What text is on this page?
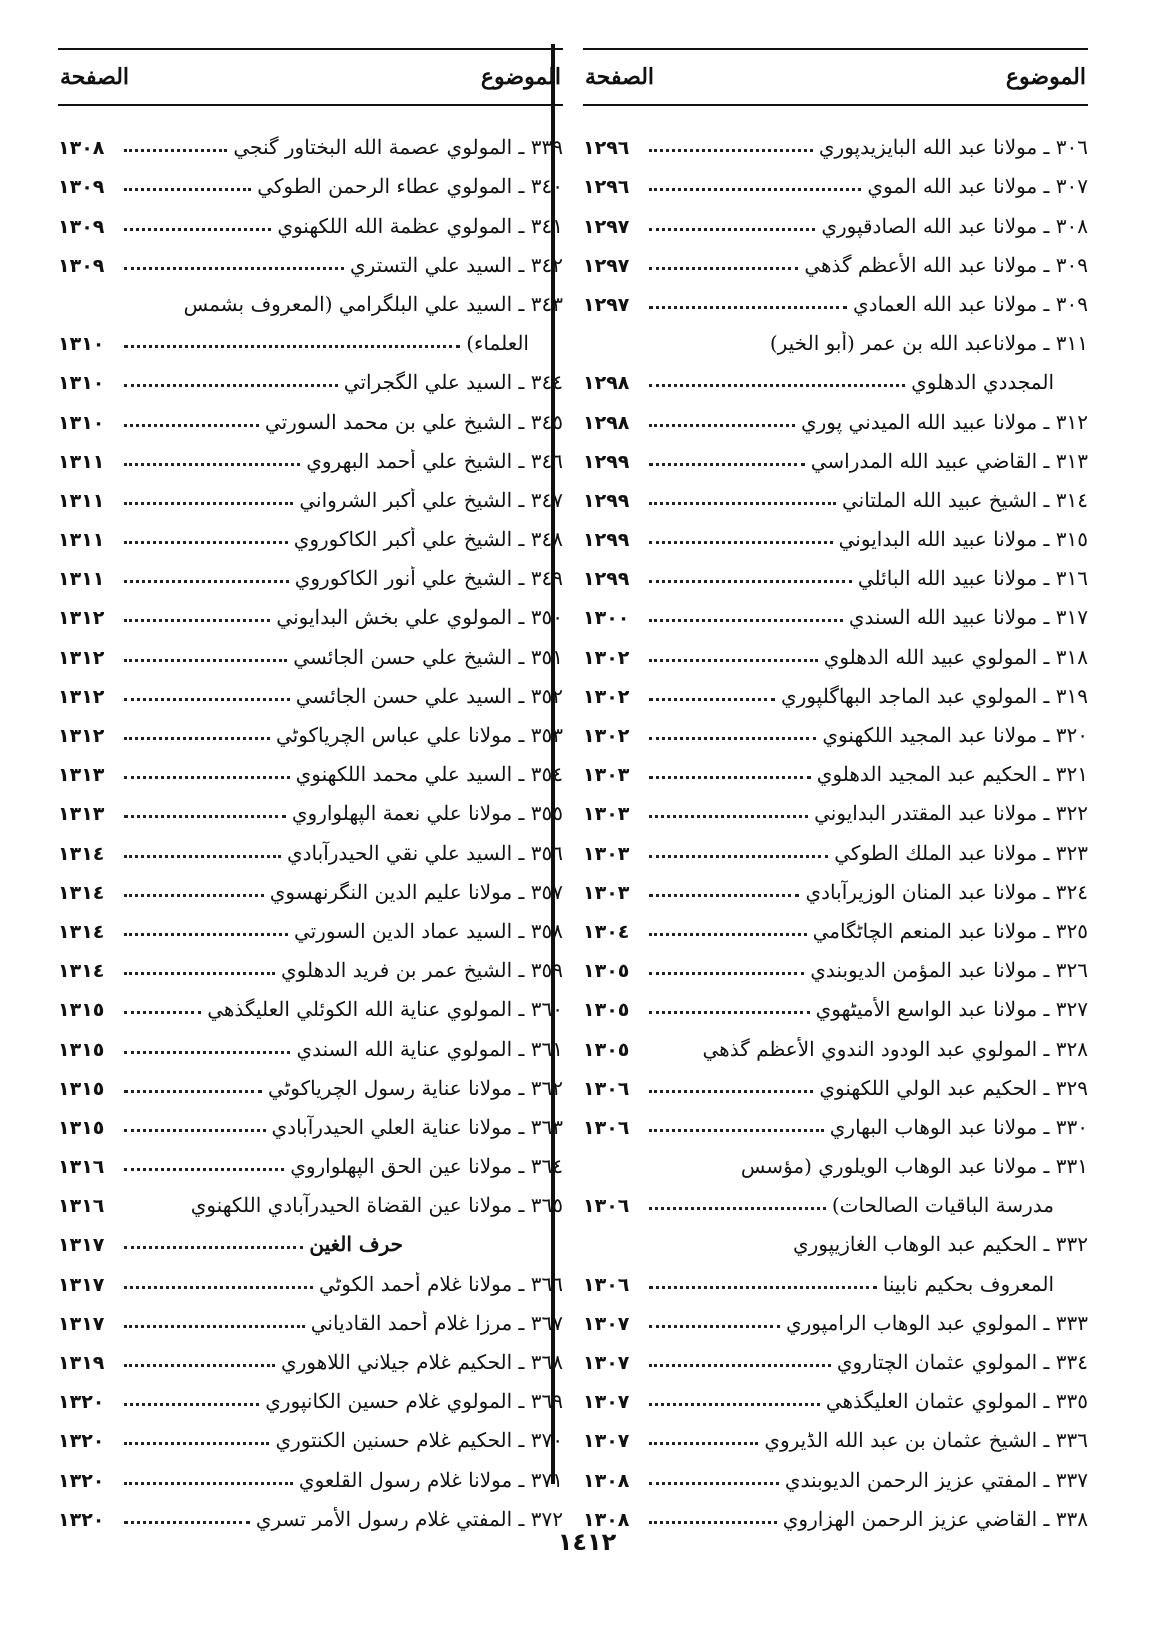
الموضوع
الصفحة
٣٠٦ ـ مولانا عبد الله البايزيدپوري
١٢٩٦
٣٠٧ ـ مولانا عبد الله الموي
١٢٩٦
٣٠٨ ـ مولانا عبد الله الصادقپوري
١٢٩٧
٣٠٩ ـ مولانا عبد الله الأعظم گذهي
١٢٩٧
٣٠٩ ـ مولانا عبد الله العمادي
١٢٩٧
٣١١ ـ مولاناعبد الله بن عمر (أبو الخير)
المجددي الدهلوي
١٢٩٨
٣١٢ ـ مولانا عبيد الله الميدني پوري
١٢٩٨
٣١٣ ـ القاضي عبيد الله المدراسي
١٢٩٩
٣١٤ ـ الشيخ عبيد الله الملتاني
١٢٩٩
٣١٥ ـ مولانا عبيد الله البدايوني
١٢٩٩
٣١٦ ـ مولانا عبيد الله البائلي
١٢٩٩
٣١٧ ـ مولانا عبيد الله السندي
١٣٠٠
٣١٨ ـ المولوي عبيد الله الدهلوي
١٣٠٢
٣١٩ ـ المولوي عبد الماجد البهاگلپوري
١٣٠٢
٣٢٠ ـ مولانا عبد المجيد اللكهنوي
١٣٠٢
٣٢١ ـ الحكيم عبد المجيد الدهلوي
١٣٠٣
٣٢٢ ـ مولانا عبد المقتدر البدايوني
١٣٠٣
٣٢٣ ـ مولانا عبد الملك الطوكي
١٣٠٣
٣٢٤ ـ مولانا عبد المنان الوزيرآبادي
١٣٠٣
٣٢٥ ـ مولانا عبد المنعم الچاٹگامي
١٣٠٤
٣٢٦ ـ مولانا عبد المؤمن الديوبندي
١٣٠٥
٣٢٧ ـ مولانا عبد الواسع الأميٹهوي
١٣٠٥
٣٢٨ ـ المولوي عبد الودود الندوي الأعظم گذهي
١٣٠٥
٣٢٩ ـ الحكيم عبد الولي اللكهنوي
١٣٠٦
٣٣٠ ـ مولانا عبد الوهاب البهاري
١٣٠٦
٣٣١ ـ مولانا عبد الوهاب الويلوري (مؤسس
مدرسة الباقيات الصالحات)
١٣٠٦
٣٣٢ ـ الحكيم عبد الوهاب الغازيپوري
المعروف بحكيم نابينا
١٣٠٦
٣٣٣ ـ المولوي عبد الوهاب الرامپوري
١٣٠٧
٣٣٤ ـ المولوي عثمان الچتاروي
١٣٠٧
٣٣٥ ـ المولوي عثمان العليگذهي
١٣٠٧
٣٣٦ ـ الشيخ عثمان بن عبد الله الڈيروي
١٣٠٧
٣٣٧ ـ المفتي عزيز الرحمن الديوبندي
١٣٠٨
٣٣٨ ـ القاضي عزيز الرحمن الهزاروي
١٣٠٨
الموضوع
الصفحة
٣٣٩ ـ المولوي عصمة الله البختاور گنجي
١٣٠٨
٣٤٠ ـ المولوي عطاء الرحمن الطوكي
١٣٠٩
٣٤١ ـ المولوي عظمة الله اللكهنوي
١٣٠٩
٣٤٢ ـ السيد علي التستري
١٣٠٩
٣٤٣ ـ السيد علي البلگرامي (المعروف بشمس
العلماء)
١٣١٠
٣٤٤ ـ السيد علي الگجراتي
١٣١٠
٣٤٥ ـ الشيخ علي بن محمد السورتي
١٣١٠
٣٤٦ ـ الشيخ علي أحمد البهروي
١٣١١
٣٤٧ ـ الشيخ علي أكبر الشرواني
١٣١١
٣٤٨ ـ الشيخ علي أكبر الكاكوروي
١٣١١
٣٤٩ ـ الشيخ علي أنور الكاكوروي
١٣١١
٣٥٠ ـ المولوي علي بخش البدايوني
١٣١٢
٣٥١ ـ الشيخ علي حسن الجائسي
١٣١٢
٣٥٢ ـ السيد علي حسن الجائسي
١٣١٢
٣٥٣ ـ مولانا علي عباس الچرياكوٹي
١٣١٢
٣٥٤ ـ السيد علي محمد اللكهنوي
١٣١٣
٣٥٥ ـ مولانا علي نعمة الپهلواروي
١٣١٣
٣٥٦ ـ السيد علي نقي الحيدرآبادي
١٣١٤
٣٥٧ ـ مولانا عليم الدين النگرنهسوي
١٣١٤
٣٥٨ ـ السيد عماد الدين السورتي
١٣١٤
٣٥٩ ـ الشيخ عمر بن فريد الدهلوي
١٣١٤
٣٦٠ ـ المولوي عناية الله الكوئلي العليگذهي
١٣١٥
٣٦١ ـ المولوي عناية الله السندي
١٣١٥
٣٦٢ ـ مولانا عناية رسول الچرياكوٹي
١٣١٥
٣٦٣ ـ مولانا عناية العلي الحيدرآبادي
١٣١٥
٣٦٤ ـ مولانا عين الحق الپهلواروي
١٣١٦
٣٦٥ ـ مولانا عين القضاة الحيدرآبادي اللكهنوي
١٣١٦
حرف الغين
١٣١٧
٣٦٦ ـ مولانا غلام أحمد الكوٹي
١٣١٧
٣٦٧ ـ مرزا غلام أحمد القادياني
١٣١٧
٣٦٨ ـ الحكيم غلام جيلاني اللاهوري
١٣١٩
٣٦٩ ـ المولوي غلام حسين الكانپوري
١٣٢٠
٣٧٠ ـ الحكيم غلام حسنين الكنتوري
١٣٢٠
٣٧١ ـ مولانا غلام رسول القلعوي
١٣٢٠
٣٧٢ ـ المفتي غلام رسول الأمر تسري
١٣٢٠
١٤١٢
